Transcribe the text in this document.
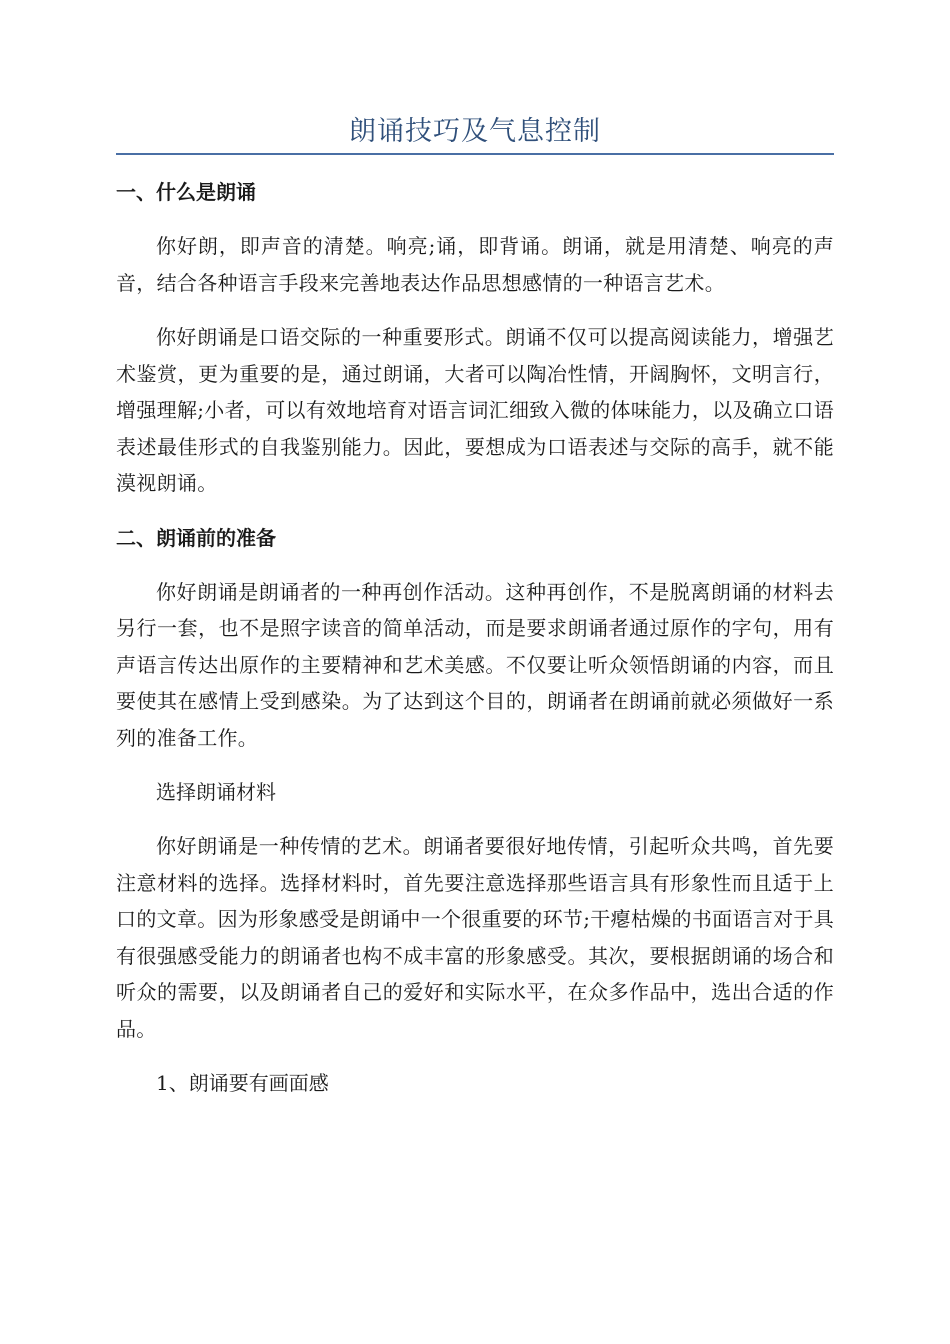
朗诵技巧及气息控制
一、什么是朗诵

你好朗，即声音的清楚。响亮;诵，即背诵。朗诵，就是用清楚、响亮的声音，结合各种语言手段来完善地表达作品思想感情的一种语言艺术。

你好朗诵是口语交际的一种重要形式。朗诵不仅可以提高阅读能力，增强艺术鉴赏，更为重要的是，通过朗诵，大者可以陶冶性情，开阔胸怀，文明言行，增强理解;小者，可以有效地培育对语言词汇细致入微的体味能力，以及确立口语表述最佳形式的自我鉴别能力。因此，要想成为口语表述与交际的高手，就不能漠视朗诵。

二、朗诵前的准备

你好朗诵是朗诵者的一种再创作活动。这种再创作，不是脱离朗诵的材料去另行一套，也不是照字读音的简单活动，而是要求朗诵者通过原作的字句，用有声语言传达出原作的主要精神和艺术美感。不仅要让听众领悟朗诵的内容，而且要使其在感情上受到感染。为了达到这个目的，朗诵者在朗诵前就必须做好一系列的准备工作。

选择朗诵材料

你好朗诵是一种传情的艺术。朗诵者要很好地传情，引起听众共鸣，首先要注意材料的选择。选择材料时，首先要注意选择那些语言具有形象性而且适于上口的文章。因为形象感受是朗诵中一个很重要的环节;干瘪枯燥的书面语言对于具有很强感受能力的朗诵者也构不成丰富的形象感受。其次，要根据朗诵的场合和听众的需要，以及朗诵者自己的爱好和实际水平，在众多作品中，选出合适的作品。

1、朗诵要有画面感
